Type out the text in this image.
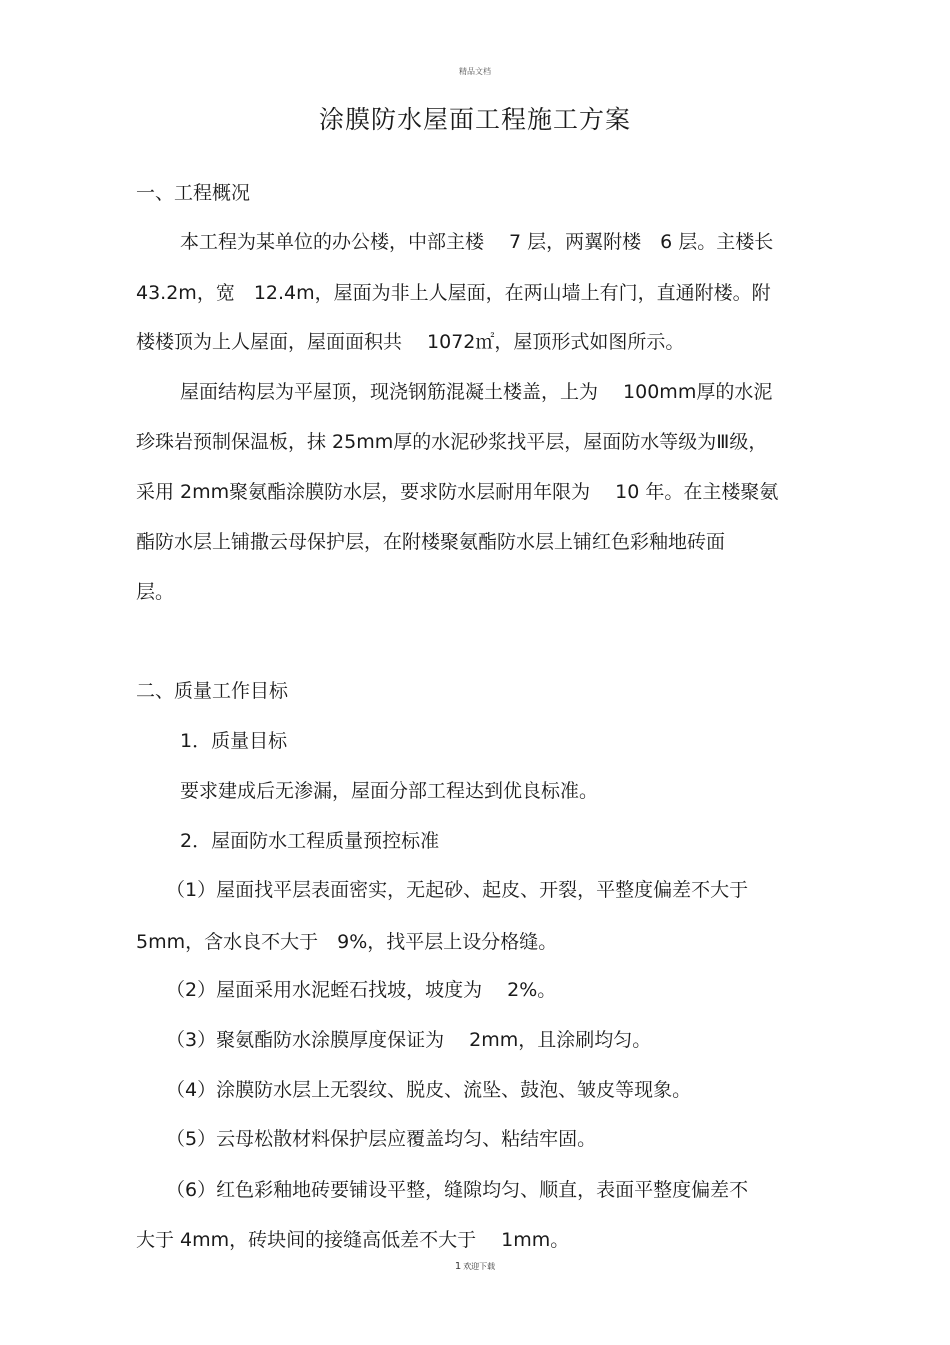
精品文档
涂膜防水屋面工程施工方案
一、工程概况
本工程为某单位的办公楼，中部主楼　 7 层，两翼附楼　6 层。主楼长
43.2m，宽　12.4m，屋面为非上人屋面，在两山墙上有门，直通附楼。附
楼楼顶为上人屋面，屋面面积共　 1072㎡，屋顶形式如图所示。
屋面结构层为平屋顶，现浇钢筋混凝土楼盖，上为　 100mm厚的水泥
珍珠岩预制保温板，抹 25mm厚的水泥砂浆找平层，屋面防水等级为Ⅲ级，
采用 2mm聚氨酯涂膜防水层，要求防水层耐用年限为　 10 年。在主楼聚氨
酯防水层上铺撒云母保护层，在附楼聚氨酯防水层上铺红色彩釉地砖面
层。
二、质量工作目标
1．质量目标
要求建成后无渗漏，屋面分部工程达到优良标准。
2．屋面防水工程质量预控标准
（1）屋面找平层表面密实，无起砂、起皮、开裂，平整度偏差不大于
5mm，含水良不大于　9%，找平层上设分格缝。
（2）屋面采用水泥蛭石找坡，坡度为　 2%。
（3）聚氨酯防水涂膜厚度保证为　 2mm，且涂刷均匀。
（4）涂膜防水层上无裂纹、脱皮、流坠、鼓泡、皱皮等现象。
（5）云母松散材料保护层应覆盖均匀、粘结牢固。
（6）红色彩釉地砖要铺设平整，缝隙均匀、顺直，表面平整度偏差不
大于 4mm，砖块间的接缝高低差不大于　 1mm。
1 欢迎下载
